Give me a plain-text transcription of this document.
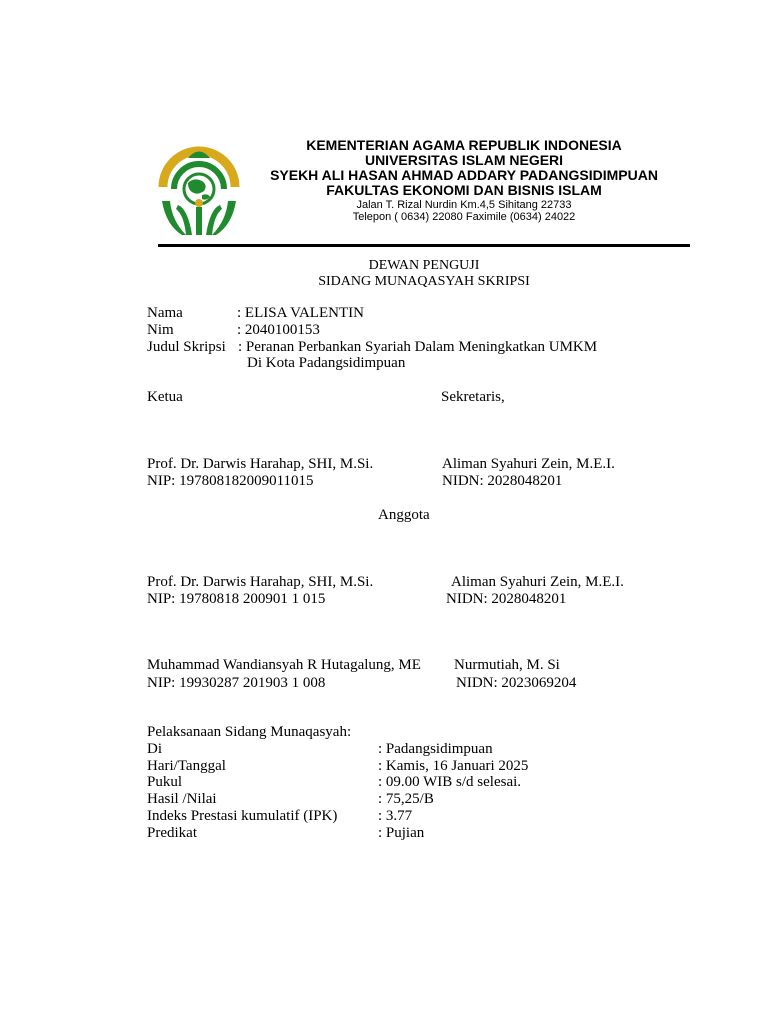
KEMENTERIAN AGAMA REPUBLIK INDONESIA
UNIVERSITAS ISLAM NEGERI
SYEKH ALI HASAN AHMAD ADDARY PADANGSIDIMPUAN
FAKULTAS EKONOMI DAN BISNIS ISLAM
Jalan T. Rizal Nurdin Km.4,5 Sihitang 22733
Telepon ( 0634) 22080 Faximile (0634) 24022
DEWAN PENGUJI
SIDANG MUNAQASYAH SKRIPSI
Nama	: ELISA VALENTIN
Nim	: 2040100153
Judul Skripsi : Peranan Perbankan Syariah Dalam Meningkatkan UMKM
Di Kota Padangsidimpuan
Ketua	Sekretaris,
Prof. Dr. Darwis Harahap, SHI, M.Si.
NIP: 197808182009011015
Aliman Syahuri Zein, M.E.I.
NIDN: 2028048201
Anggota
Prof. Dr. Darwis Harahap, SHI, M.Si.
NIP: 19780818 200901 1 015
Aliman Syahuri Zein, M.E.I.
NIDN: 2028048201
Muhammad Wandiansyah R Hutagalung, ME
NIP: 19930287 201903 1 008
Nurmutiah, M. Si
NIDN: 2023069204
Pelaksanaan Sidang Munaqasyah:
Di	: Padangsidimpuan
Hari/Tanggal	: Kamis, 16 Januari 2025
Pukul	: 09.00 WIB s/d selesai.
Hasil /Nilai	: 75,25/B
Indeks Prestasi kumulatif (IPK)	: 3.77
Predikat	: Pujian
